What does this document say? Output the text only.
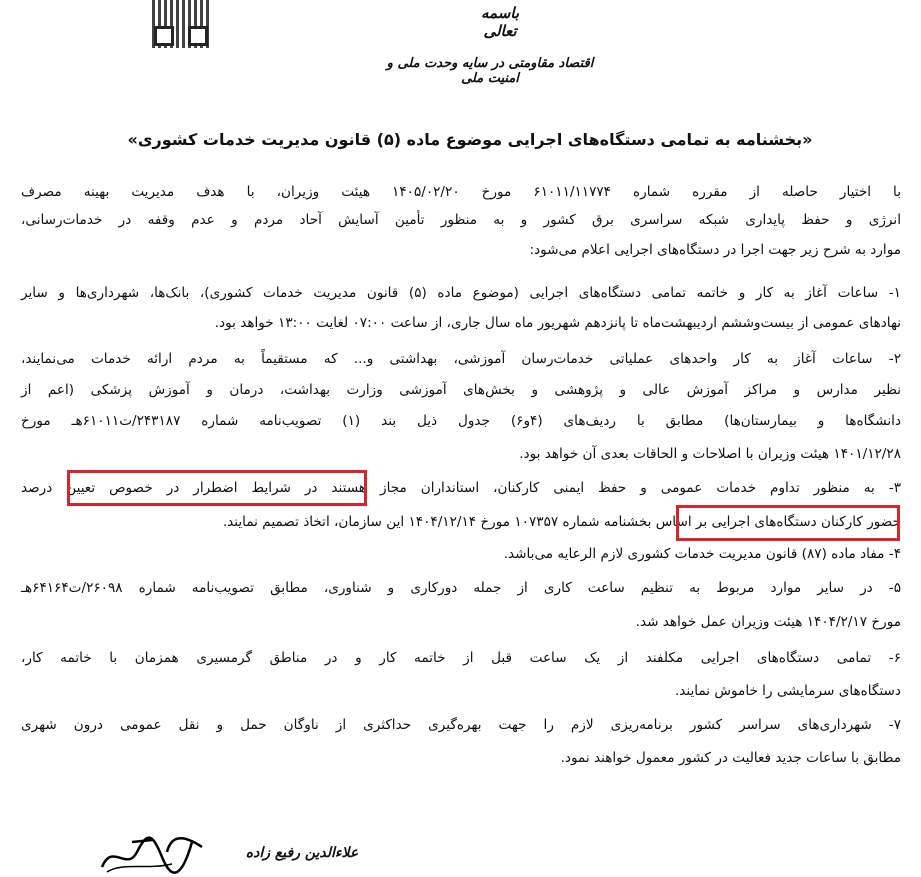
باسمه تعالی
اقتصاد مقاومتی در سایه وحدت ملی و امنیت ملی
«بخشنامه به تمامی دستگاه‌های اجرایی موضوع ماده (۵) قانون مدیریت خدمات کشوری»
با اختیار حاصله از مقرره شماره ۶۱۰۱۱/۱۱۷۷۴ مورخ ۱۴۰۵/۰۲/۲۰ هیئت وزیران، با هدف مدیریت بهینه مصرف
انرژی و حفظ پایداری شبکه سراسری برق کشور و به منظور تأمین آسایش آحاد مردم و عدم وقفه در خدمات‌رسانی،
موارد به شرح زیر جهت اجرا در دستگاه‌های اجرایی اعلام می‌شود:
۱- ساعات آغاز به کار و خاتمه تمامی دستگاه‌های اجرایی (موضوع ماده (۵) قانون مدیریت خدمات کشوری)، بانک‌ها، شهرداری‌ها و سایر
نهادهای عمومی از بیست‌وششم اردیبهشت‌ماه تا پانزدهم شهریور ماه سال جاری، از ساعت ۰۷:۰۰ لغایت ۱۳:۰۰ خواهد بود.
۲- ساعات آغاز به کار واحدهای عملیاتی خدمات‌رسان آموزشی، بهداشتی و... که مستقیماً به مردم ارائه خدمات می‌نمایند،
نظیر مدارس و مراکز آموزش عالی و پژوهشی و بخش‌های آموزشی وزارت بهداشت، درمان و آموزش پزشکی (اعم از
دانشگاه‌ها و بیمارستان‌ها) مطابق با ردیف‌های (۴و۶) جدول ذیل بند (۱) تصویب‌نامه شماره ۲۴۳۱۸۷/ت۶۱۰۱۱هـ مورخ
۱۴۰۱/۱۲/۲۸ هیئت وزیران با اصلاحات و الحاقات بعدی آن خواهد بود.
۳- به منظور تداوم خدمات عمومی و حفظ ایمنی کارکنان، استانداران مجاز هستند در شرایط اضطرار در خصوص تعیین درصد
حضور کارکنان دستگاه‌های اجرایی بر اساس بخشنامه شماره ۱۰۷۳۵۷ مورخ ۱۴۰۴/۱۲/۱۴ این سازمان، اتخاذ تصمیم نمایند.
۴- مفاد ماده (۸۷) قانون مدیریت خدمات کشوری لازم الرعایه می‌باشد.
۵- در سایر موارد مربوط به تنظیم ساعت کاری از جمله دورکاری و شناوری، مطابق تصویب‌نامه شماره ۲۶۰۹۸/ت۶۴۱۶۴هـ
مورخ ۱۴۰۴/۲/۱۷ هیئت وزیران عمل خواهد شد.
۶- تمامی دستگاه‌های اجرایی مکلفند از یک ساعت قبل از خاتمه کار و در مناطق گرمسیری همزمان با خاتمه کار،
دستگاه‌های سرمایشی را خاموش نمایند.
۷- شهرداری‌های سراسر کشور برنامه‌ریزی لازم را جهت بهره‌گیری حداکثری از ناوگان حمل و نقل عمومی درون شهری
مطابق با ساعات جدید فعالیت در کشور معمول خواهند نمود.
علاءالدین رفیع زاده
